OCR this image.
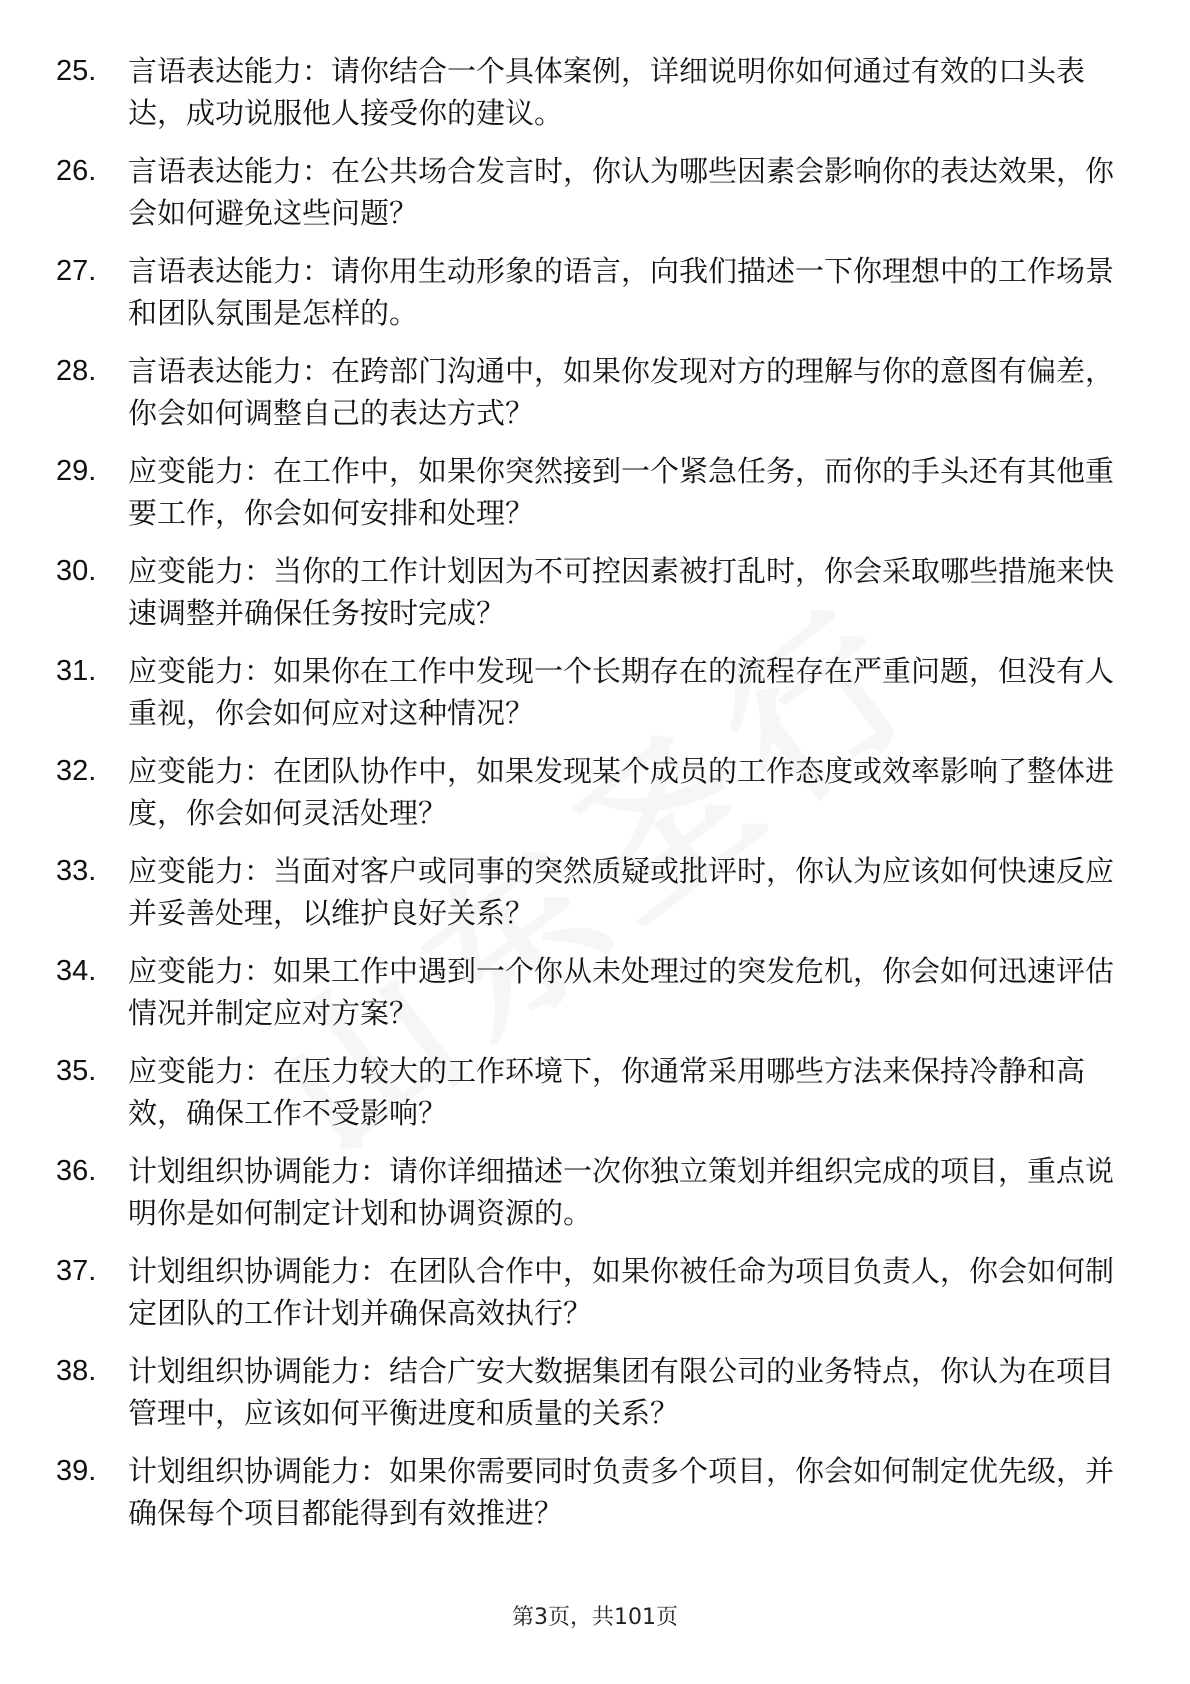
25.	言语表达能力：请你结合一个具体案例，详细说明你如何通过有效的口头表达，成功说服他人接受你的建议。
26.	言语表达能力：在公共场合发言时，你认为哪些因素会影响你的表达效果，你会如何避免这些问题？
27.	言语表达能力：请你用生动形象的语言，向我们描述一下你理想中的工作场景和团队氛围是怎样的。
28.	言语表达能力：在跨部门沟通中，如果你发现对方的理解与你的意图有偏差，你会如何调整自己的表达方式？
29.	应变能力：在工作中，如果你突然接到一个紧急任务，而你的手头还有其他重要工作，你会如何安排和处理？
30.	应变能力：当你的工作计划因为不可控因素被打乱时，你会采取哪些措施来快速调整并确保任务按时完成？
31.	应变能力：如果你在工作中发现一个长期存在的流程存在严重问题，但没有人重视，你会如何应对这种情况？
32.	应变能力：在团队协作中，如果发现某个成员的工作态度或效率影响了整体进度，你会如何灵活处理？
33.	应变能力：当面对客户或同事的突然质疑或批评时，你认为应该如何快速反应并妥善处理，以维护良好关系？
34.	应变能力：如果工作中遇到一个你从未处理过的突发危机，你会如何迅速评估情况并制定应对方案？
35.	应变能力：在压力较大的工作环境下，你通常采用哪些方法来保持冷静和高效，确保工作不受影响？
36.	计划组织协调能力：请你详细描述一次你独立策划并组织完成的项目，重点说明你是如何制定计划和协调资源的。
37.	计划组织协调能力：在团队合作中，如果你被任命为项目负责人，你会如何制定团队的工作计划并确保高效执行？
38.	计划组织协调能力：结合广安大数据集团有限公司的业务特点，你认为在项目管理中，应该如何平衡进度和质量的关系？
39.	计划组织协调能力：如果你需要同时负责多个项目，你会如何制定优先级，并确保每个项目都能得到有效推进？
第3页，共101页
